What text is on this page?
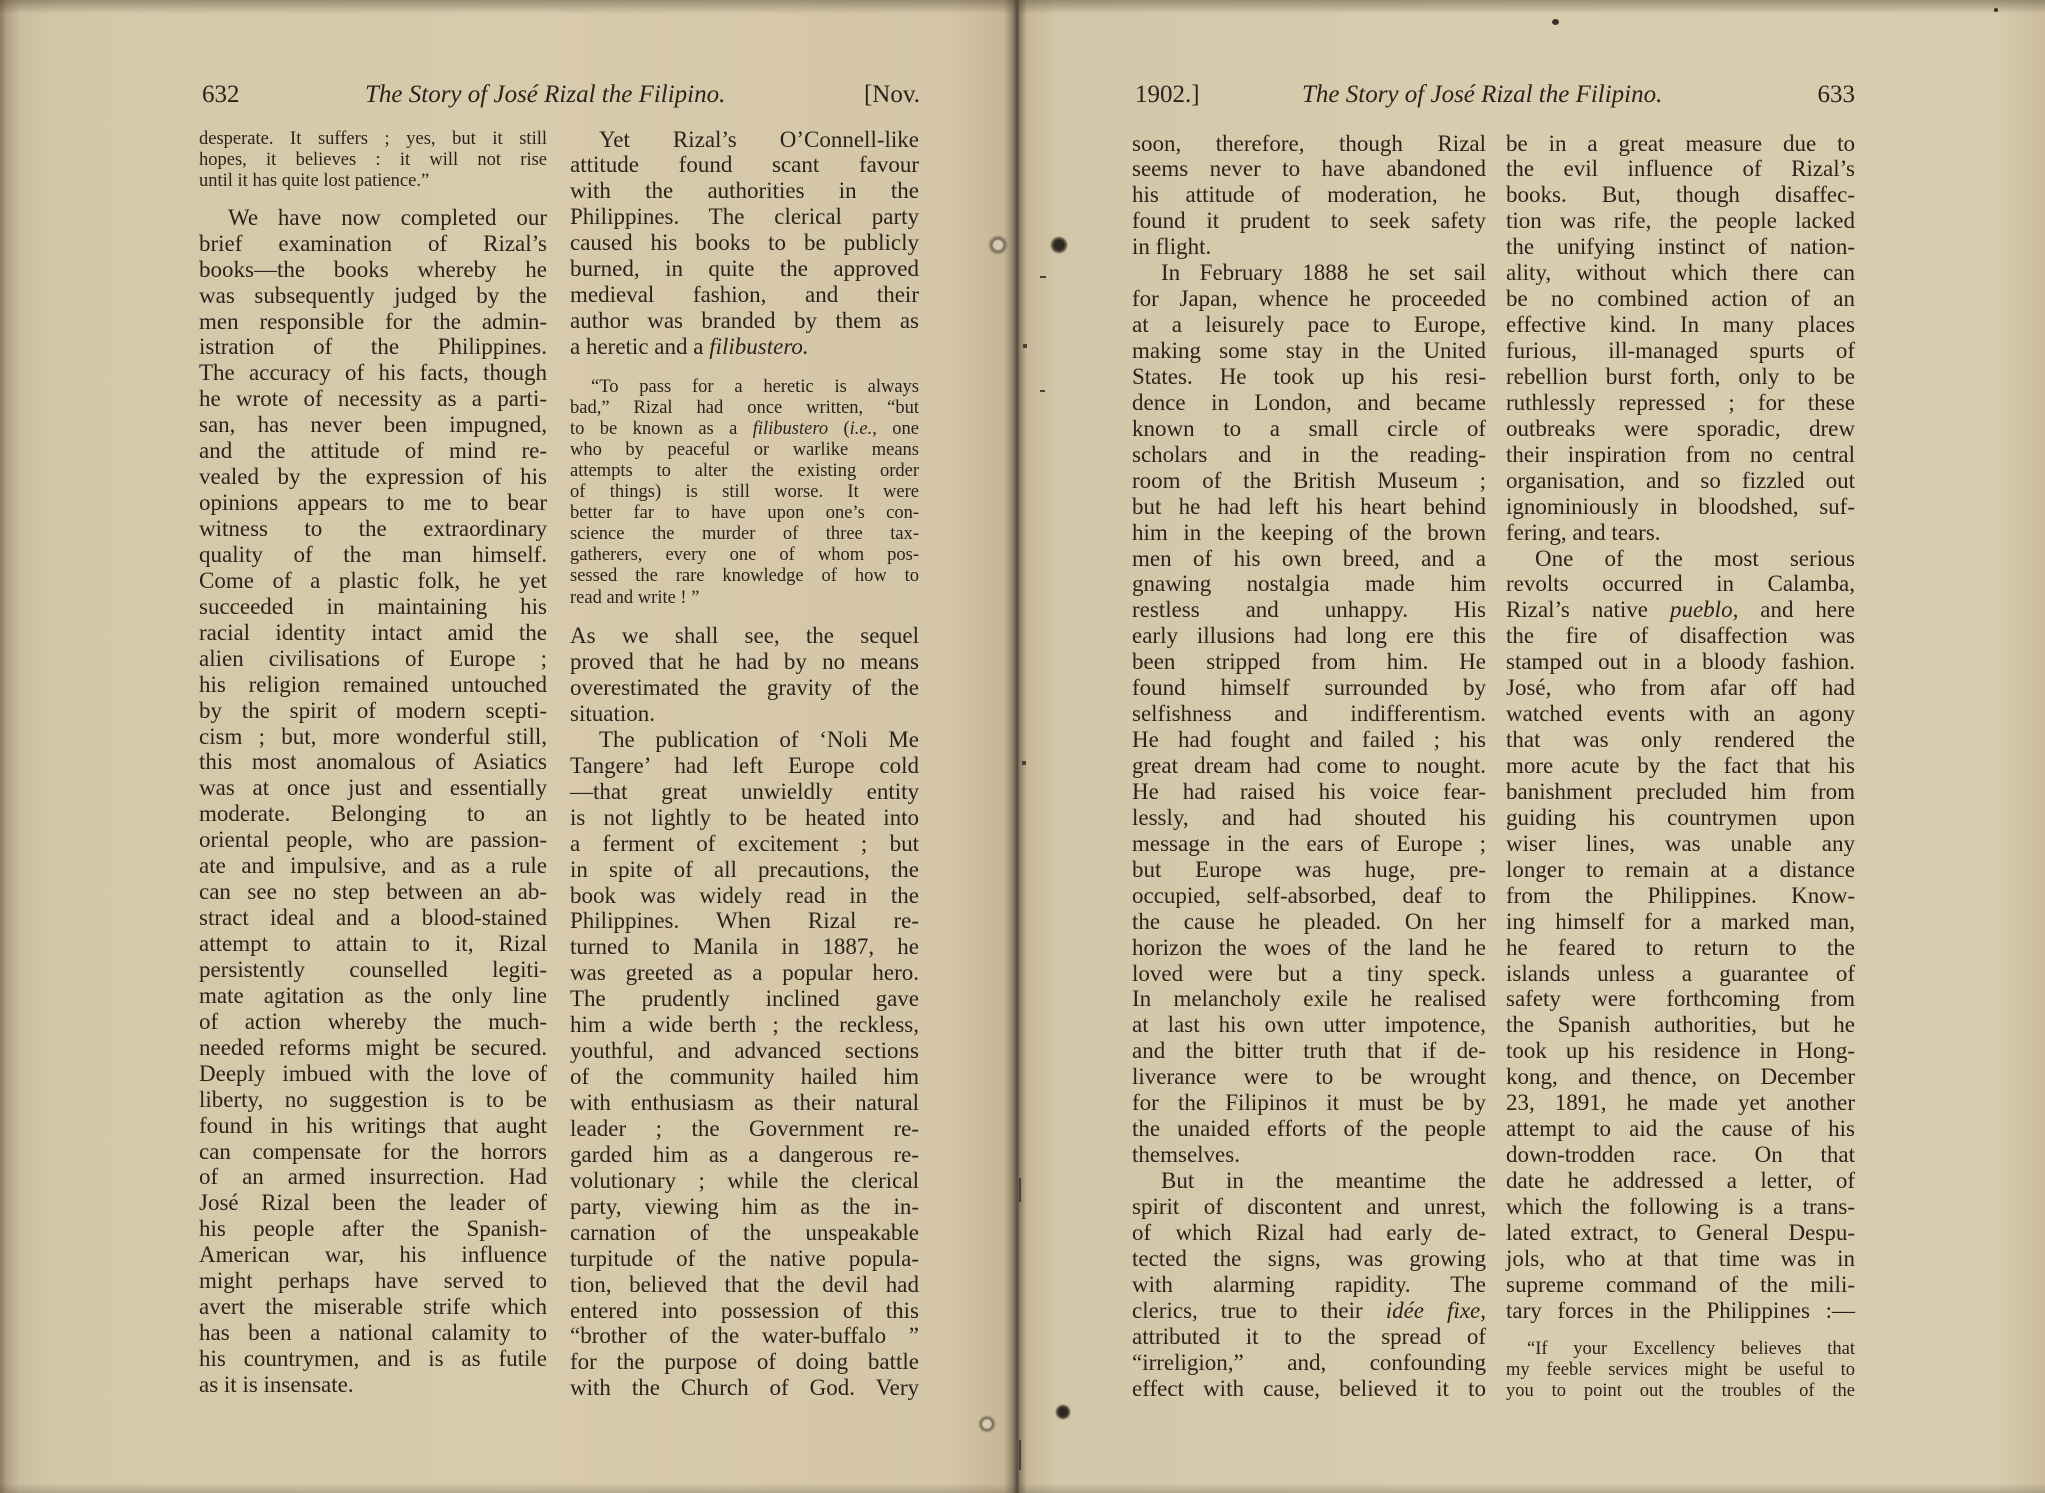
632	The Story of José Rizal the Filipino.	[Nov.
desperate. It suffers ; yes, but it still
hopes, it believes : it will not rise
until it has quite lost patience.”
We have now completed our
brief examination of Rizal’s
books—the books whereby he
was subsequently judged by the
men responsible for the admin-
istration of the Philippines.
The accuracy of his facts, though
he wrote of necessity as a parti-
san, has never been impugned,
and the attitude of mind re-
vealed by the expression of his
opinions appears to me to bear
witness to the extraordinary
quality of the man himself.
Come of a plastic folk, he yet
succeeded in maintaining his
racial identity intact amid the
alien civilisations of Europe ;
his religion remained untouched
by the spirit of modern scepti-
cism ; but, more wonderful still,
this most anomalous of Asiatics
was at once just and essentially
moderate. Belonging to an
oriental people, who are passion-
ate and impulsive, and as a rule
can see no step between an ab-
stract ideal and a blood-stained
attempt to attain to it, Rizal
persistently counselled legiti-
mate agitation as the only line
of action whereby the much-
needed reforms might be secured.
Deeply imbued with the love of
liberty, no suggestion is to be
found in his writings that aught
can compensate for the horrors
of an armed insurrection. Had
José Rizal been the leader of
his people after the Spanish-
American war, his influence
might perhaps have served to
avert the miserable strife which
has been a national calamity to
his countrymen, and is as futile
as it is insensate.
Yet Rizal’s O’Connell-like
attitude found scant favour
with the authorities in the
Philippines. The clerical party
caused his books to be publicly
burned, in quite the approved
medieval fashion, and their
author was branded by them as
a heretic and a filibustero.
“To pass for a heretic is always
bad,” Rizal had once written, “but
to be known as a filibustero (i.e., one
who by peaceful or warlike means
attempts to alter the existing order
of things) is still worse. It were
better far to have upon one’s con-
science the murder of three tax-
gatherers, every one of whom pos-
sessed the rare knowledge of how to
read and write ! ”
As we shall see, the sequel
proved that he had by no means
overestimated the gravity of the
situation.
The publication of ‘Noli Me
Tangere’ had left Europe cold
—that great unwieldly entity
is not lightly to be heated into
a ferment of excitement ; but
in spite of all precautions, the
book was widely read in the
Philippines. When Rizal re-
turned to Manila in 1887, he
was greeted as a popular hero.
The prudently inclined gave
him a wide berth ; the reckless,
youthful, and advanced sections
of the community hailed him
with enthusiasm as their natural
leader ; the Government re-
garded him as a dangerous re-
volutionary ; while the clerical
party, viewing him as the in-
carnation of the unspeakable
turpitude of the native popula-
tion, believed that the devil had
entered into possession of this
“brother of the water-buffalo ”
for the purpose of doing battle
with the Church of God. Very
1902.]	The Story of José Rizal the Filipino.	633
soon, therefore, though Rizal
seems never to have abandoned
his attitude of moderation, he
found it prudent to seek safety
in flight.
In February 1888 he set sail
for Japan, whence he proceeded
at a leisurely pace to Europe,
making some stay in the United
States. He took up his resi-
dence in London, and became
known to a small circle of
scholars and in the reading-
room of the British Museum ;
but he had left his heart behind
him in the keeping of the brown
men of his own breed, and a
gnawing nostalgia made him
restless and unhappy. His
early illusions had long ere this
been stripped from him. He
found himself surrounded by
selfishness and indifferentism.
He had fought and failed ; his
great dream had come to nought.
He had raised his voice fear-
lessly, and had shouted his
message in the ears of Europe ;
but Europe was huge, pre-
occupied, self-absorbed, deaf to
the cause he pleaded. On her
horizon the woes of the land he
loved were but a tiny speck.
In melancholy exile he realised
at last his own utter impotence,
and the bitter truth that if de-
liverance were to be wrought
for the Filipinos it must be by
the unaided efforts of the people
themselves.
But in the meantime the
spirit of discontent and unrest,
of which Rizal had early de-
tected the signs, was growing
with alarming rapidity. The
clerics, true to their idée fixe,
attributed it to the spread of
“irreligion,” and, confounding
effect with cause, believed it to
be in a great measure due to
the evil influence of Rizal’s
books. But, though disaffec-
tion was rife, the people lacked
the unifying instinct of nation-
ality, without which there can
be no combined action of an
effective kind. In many places
furious, ill-managed spurts of
rebellion burst forth, only to be
ruthlessly repressed ; for these
outbreaks were sporadic, drew
their inspiration from no central
organisation, and so fizzled out
ignominiously in bloodshed, suf-
fering, and tears.
One of the most serious
revolts occurred in Calamba,
Rizal’s native pueblo, and here
the fire of disaffection was
stamped out in a bloody fashion.
José, who from afar off had
watched events with an agony
that was only rendered the
more acute by the fact that his
banishment precluded him from
guiding his countrymen upon
wiser lines, was unable any
longer to remain at a distance
from the Philippines. Know-
ing himself for a marked man,
he feared to return to the
islands unless a guarantee of
safety were forthcoming from
the Spanish authorities, but he
took up his residence in Hong-
kong, and thence, on December
23, 1891, he made yet another
attempt to aid the cause of his
down-trodden race. On that
date he addressed a letter, of
which the following is a trans-
lated extract, to General Despu-
jols, who at that time was in
supreme command of the mili-
tary forces in the Philippines :—
“If your Excellency believes that
my feeble services might be useful to
you to point out the troubles of the
